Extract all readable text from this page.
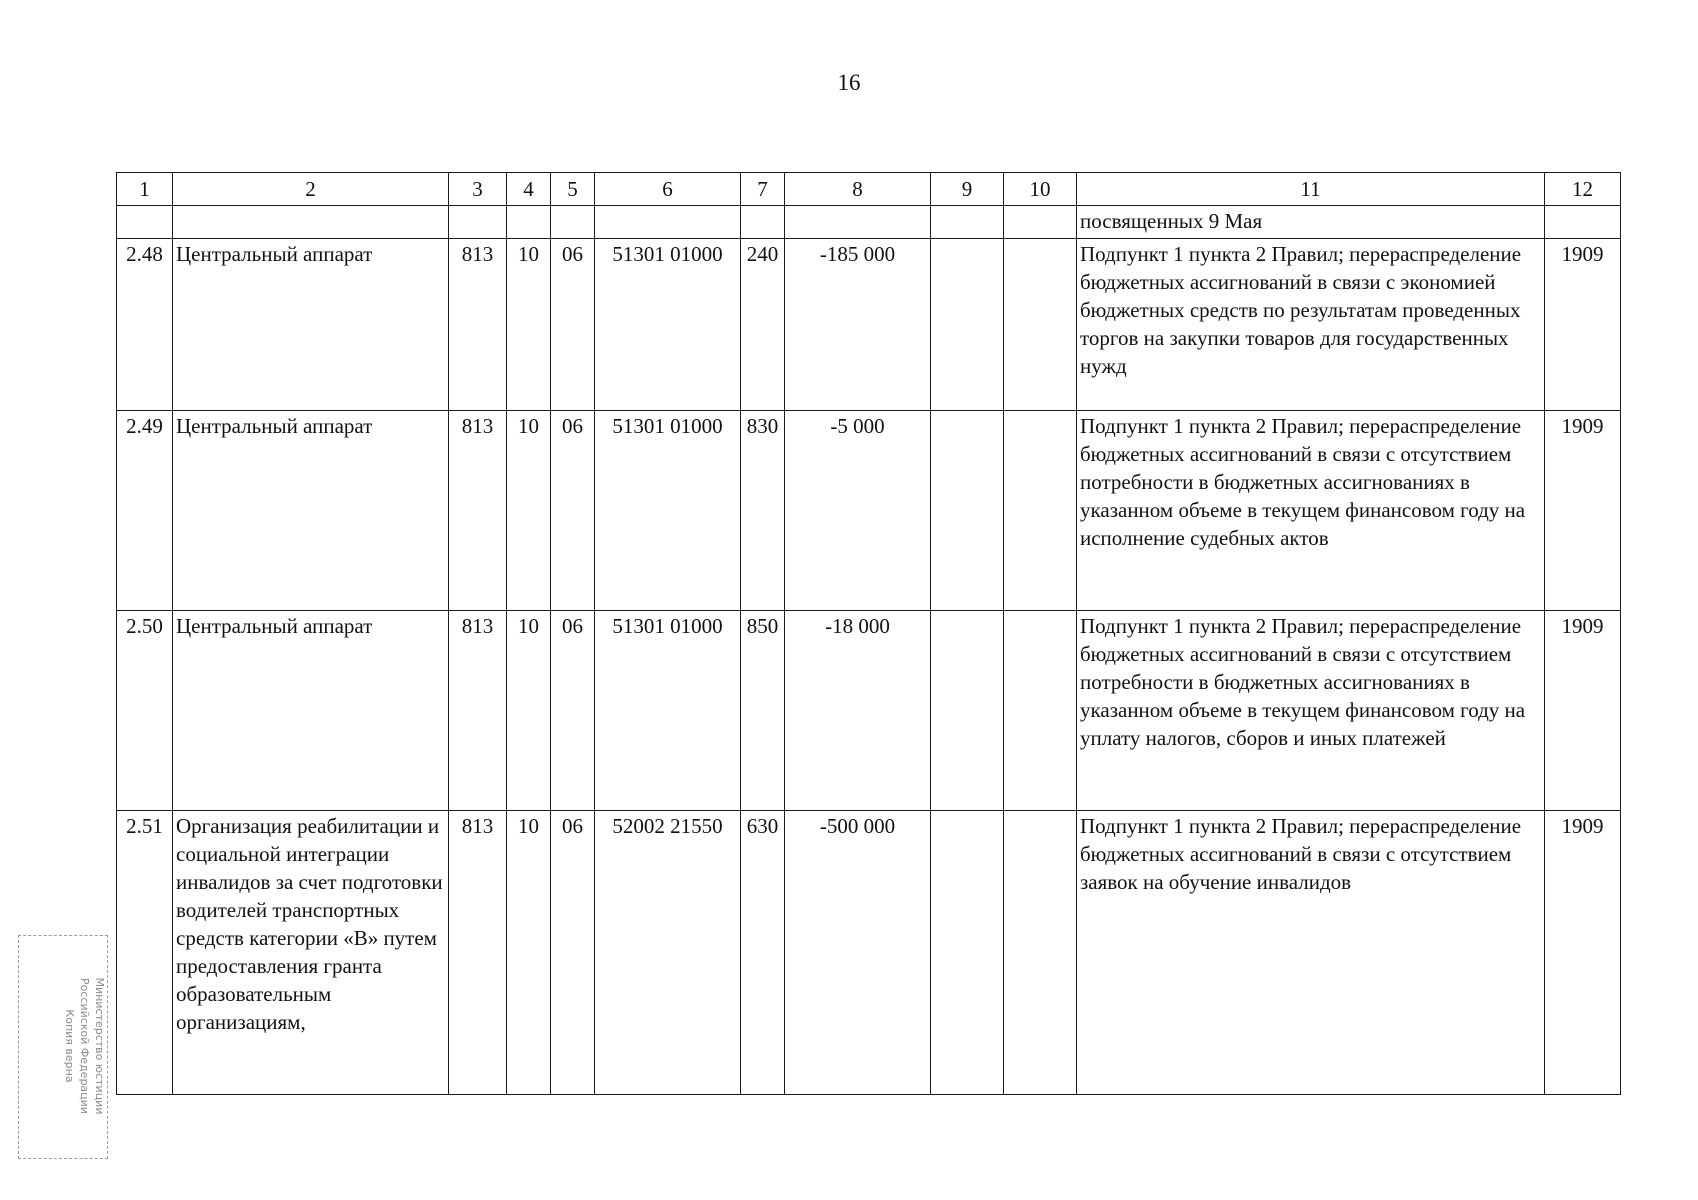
16
1	2	3	4	5	6	7	8	9	10	11	12
										посвященных 9 Мая	
2.48	Центральный аппарат	813	10	06	51301 01000	240	-185 000			Подпункт 1 пункта 2 Правил; перераспределение бюджетных ассигнований в связи с экономией бюджетных средств по результатам проведенных торгов на закупки товаров для государственных нужд	1909
2.49	Центральный аппарат	813	10	06	51301 01000	830	-5 000			Подпункт 1 пункта 2 Правил; перераспределение бюджетных ассигнований в связи с отсутствием потребности в бюджетных ассигнованиях в указанном объеме в текущем финансовом году на исполнение судебных актов	1909
2.50	Центральный аппарат	813	10	06	51301 01000	850	-18 000			Подпункт 1 пункта 2 Правил; перераспределение бюджетных ассигнований в связи с отсутствием потребности в бюджетных ассигнованиях в указанном объеме в текущем финансовом году на уплату налогов, сборов и иных платежей	1909
2.51	Организация реабилитации и социальной интеграции инвалидов за счет подготовки водителей транспортных средств категории «В» путем предоставления гранта образовательным организациям,	813	10	06	52002 21550	630	-500 000			Подпункт 1 пункта 2 Правил; перераспределение бюджетных ассигнований в связи с отсутствием заявок на обучение инвалидов	1909
Министерство юстиции
Российской Федерации
Копия верна
